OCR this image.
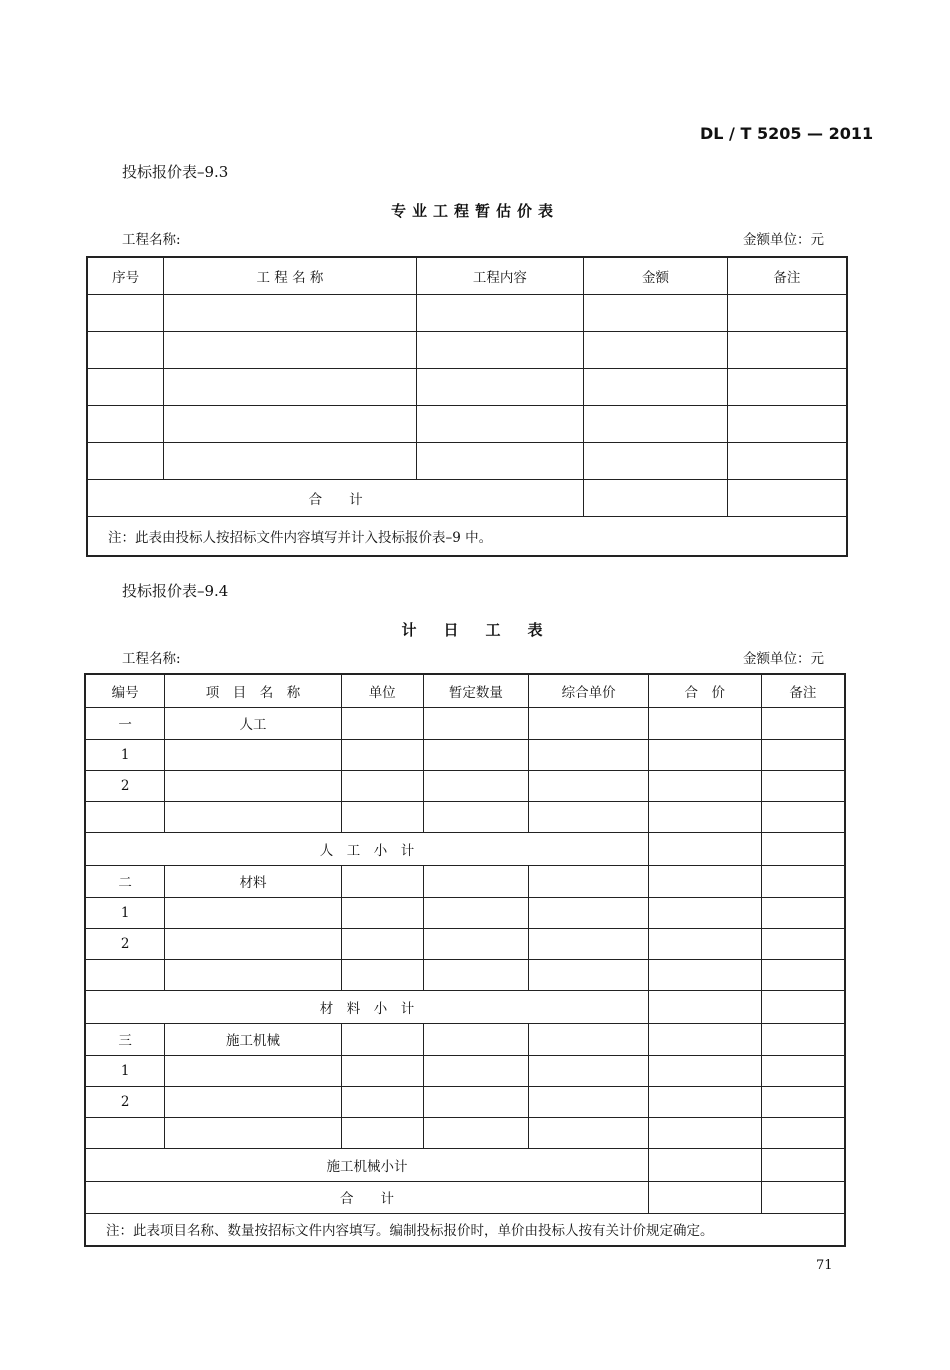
DL / T 5205 — 2011
投标报价表–9.3
专业工程暂估价表
工程名称:	金额单位：元
序号	工 程 名 称	工程内容	金额	备注

合　　计				
注：此表由投标人按招标文件内容填写并计入投标报价表–9 中。				
投标报价表–9.4
计　日　工　表
工程名称:	金额单位：元
编号	项　目　名　称	单位	暂定数量	综合单价	合　价	备注
一	人工					
1						
2						

人　工　小　计						
二	材料					
1						
2						

材　料　小　计						
三	施工机械					
1						
2						

施工机械小计						
合　　计						
注：此表项目名称、数量按招标文件内容填写。编制投标报价时，单价由投标人按有关计价规定确定。						
71
